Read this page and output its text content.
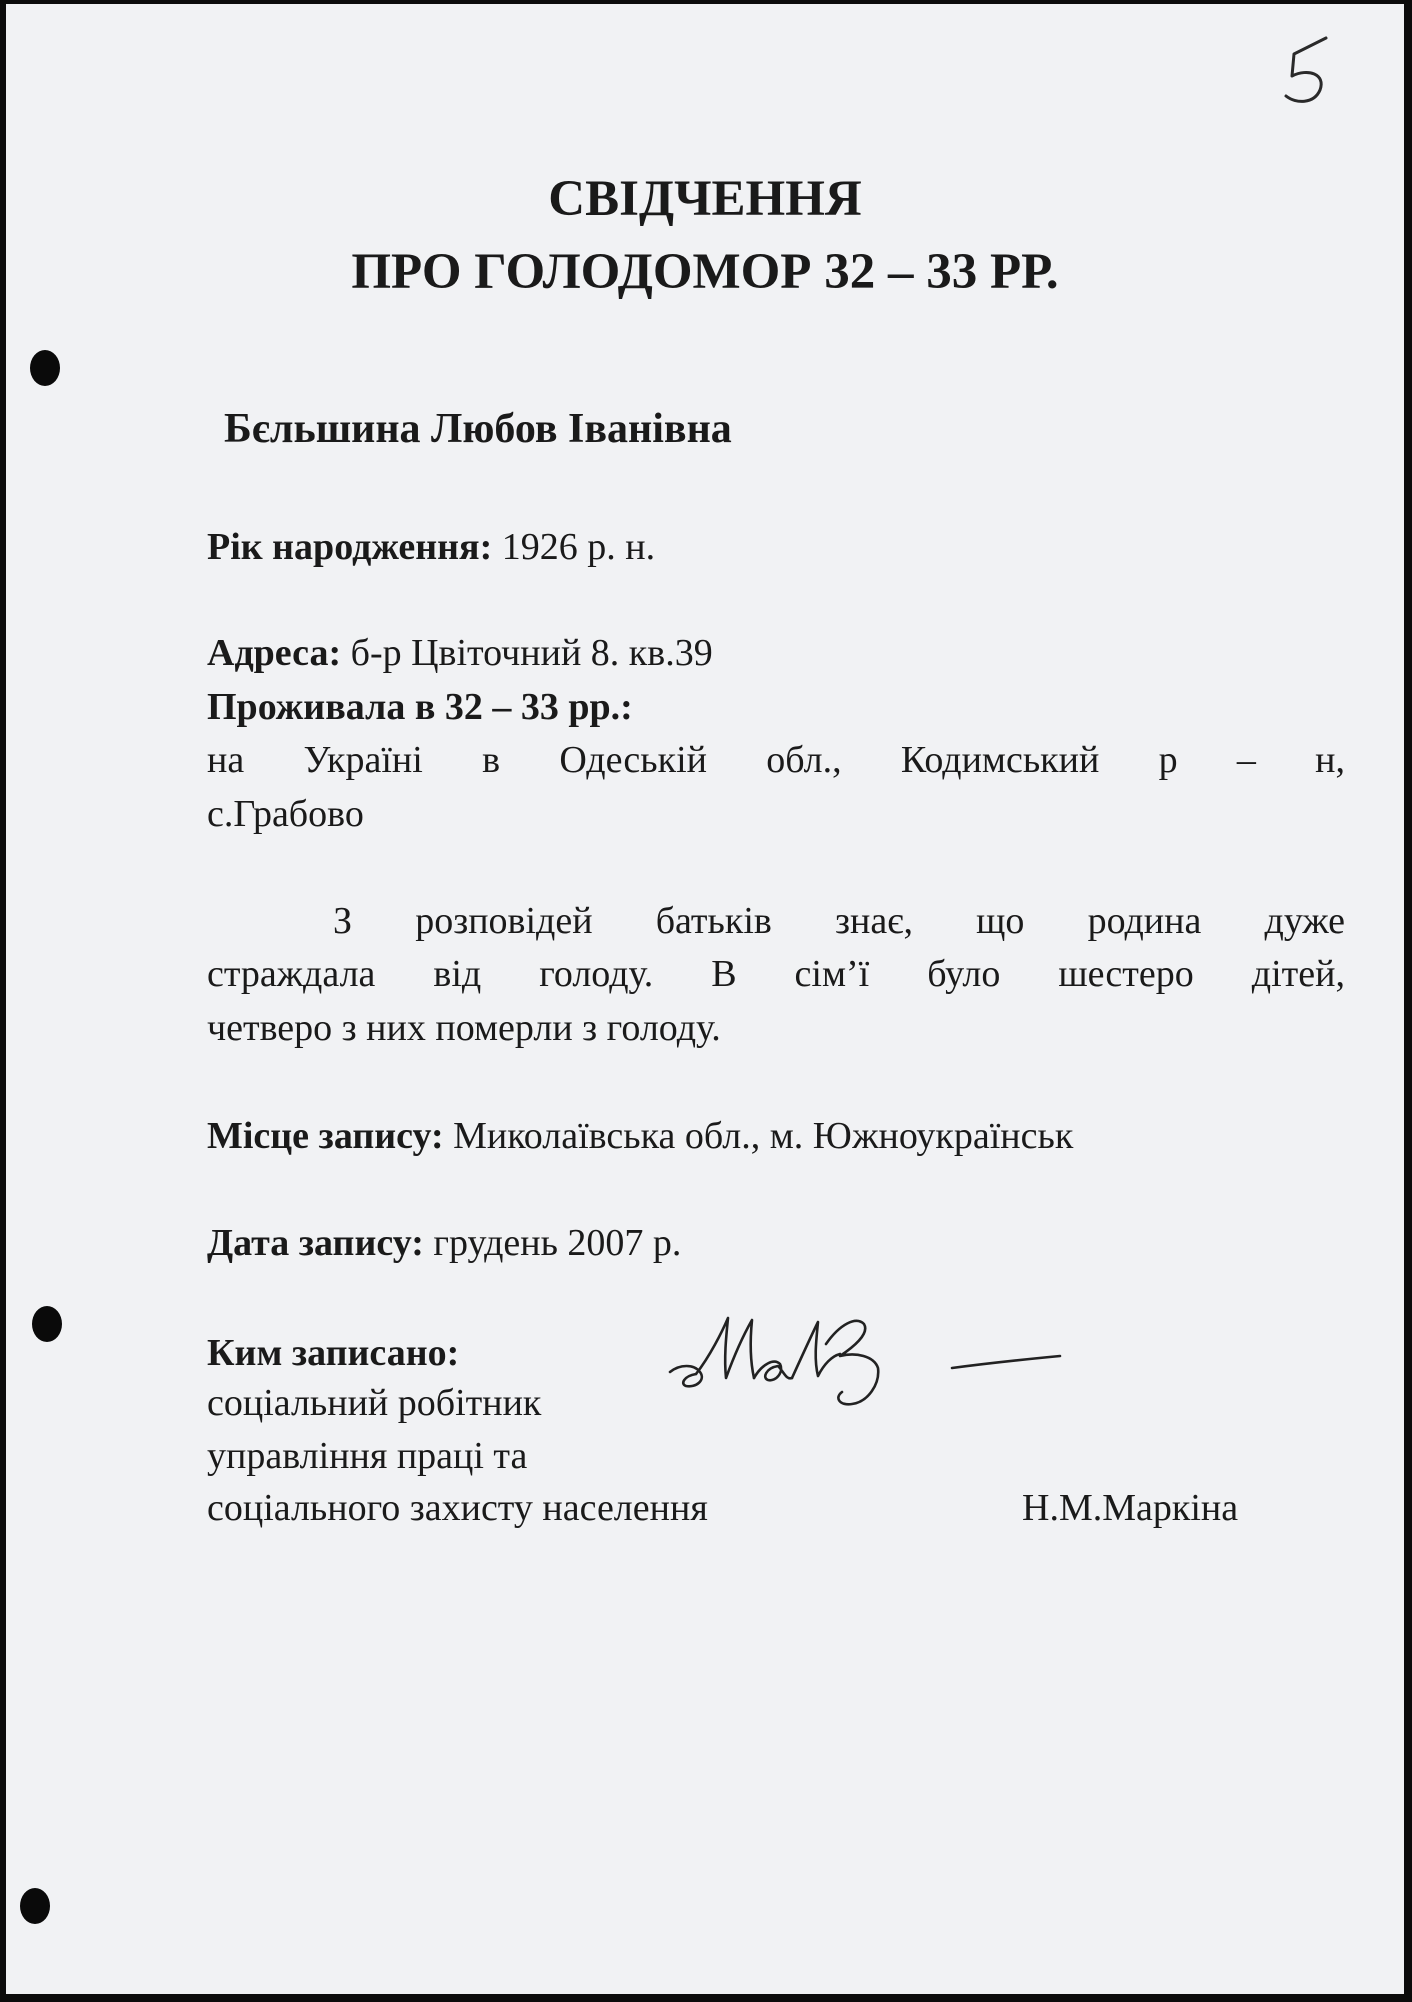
СВІДЧЕННЯ
ПРО ГОЛОДОМОР 32 – 33 РР.
Бєльшина Любов Іванівна
Рік народження: 1926 р. н.
Адреса: б-р Цвіточний 8. кв.39
Проживала в 32 – 33 рр.:
на Україні в Одеській обл., Кодимський р – н,
с.Грабово
З розповідей батьків знає, що родина дуже
страждала від голоду. В сім’ї було шестеро дітей,
четверо з них померли з голоду.
Місце запису: Миколаївська обл., м. Южноукраїнськ
Дата запису: грудень 2007 р.
Ким записано:
соціальний робітник
управління праці та
соціального захисту населення	Н.М.Маркіна
